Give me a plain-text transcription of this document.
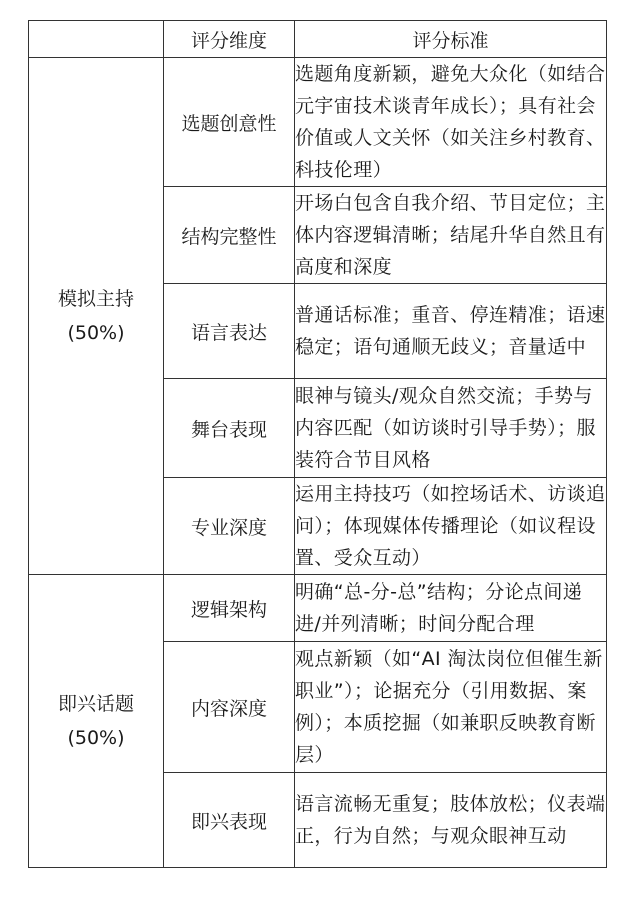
	评分维度	评分标准

模拟主持
(50%)	选题创意性	选题角度新颖，避免大众化（如结合元宇宙技术谈青年成长）；具有社会价值或人文关怀（如关注乡村教育、科技伦理）
	结构完整性	开场白包含自我介绍、节目定位；主体内容逻辑清晰；结尾升华自然且有高度和深度
	语言表达	普通话标准；重音、停连精准；语速稳定；语句通顺无歧义；音量适中
	舞台表现	眼神与镜头/观众自然交流；手势与内容匹配（如访谈时引导手势）；服装符合节目风格
	专业深度	运用主持技巧（如控场话术、访谈追问）；体现媒体传播理论（如议程设置、受众互动）

即兴话题
(50%)	逻辑架构	明确“总-分-总”结构；分论点间递进/并列清晰；时间分配合理
	内容深度	观点新颖（如“AI 淘汰岗位但催生新职业”）；论据充分（引用数据、案例）；本质挖掘（如兼职反映教育断层）
	即兴表现	语言流畅无重复；肢体放松；仪表端正，行为自然；与观众眼神互动
